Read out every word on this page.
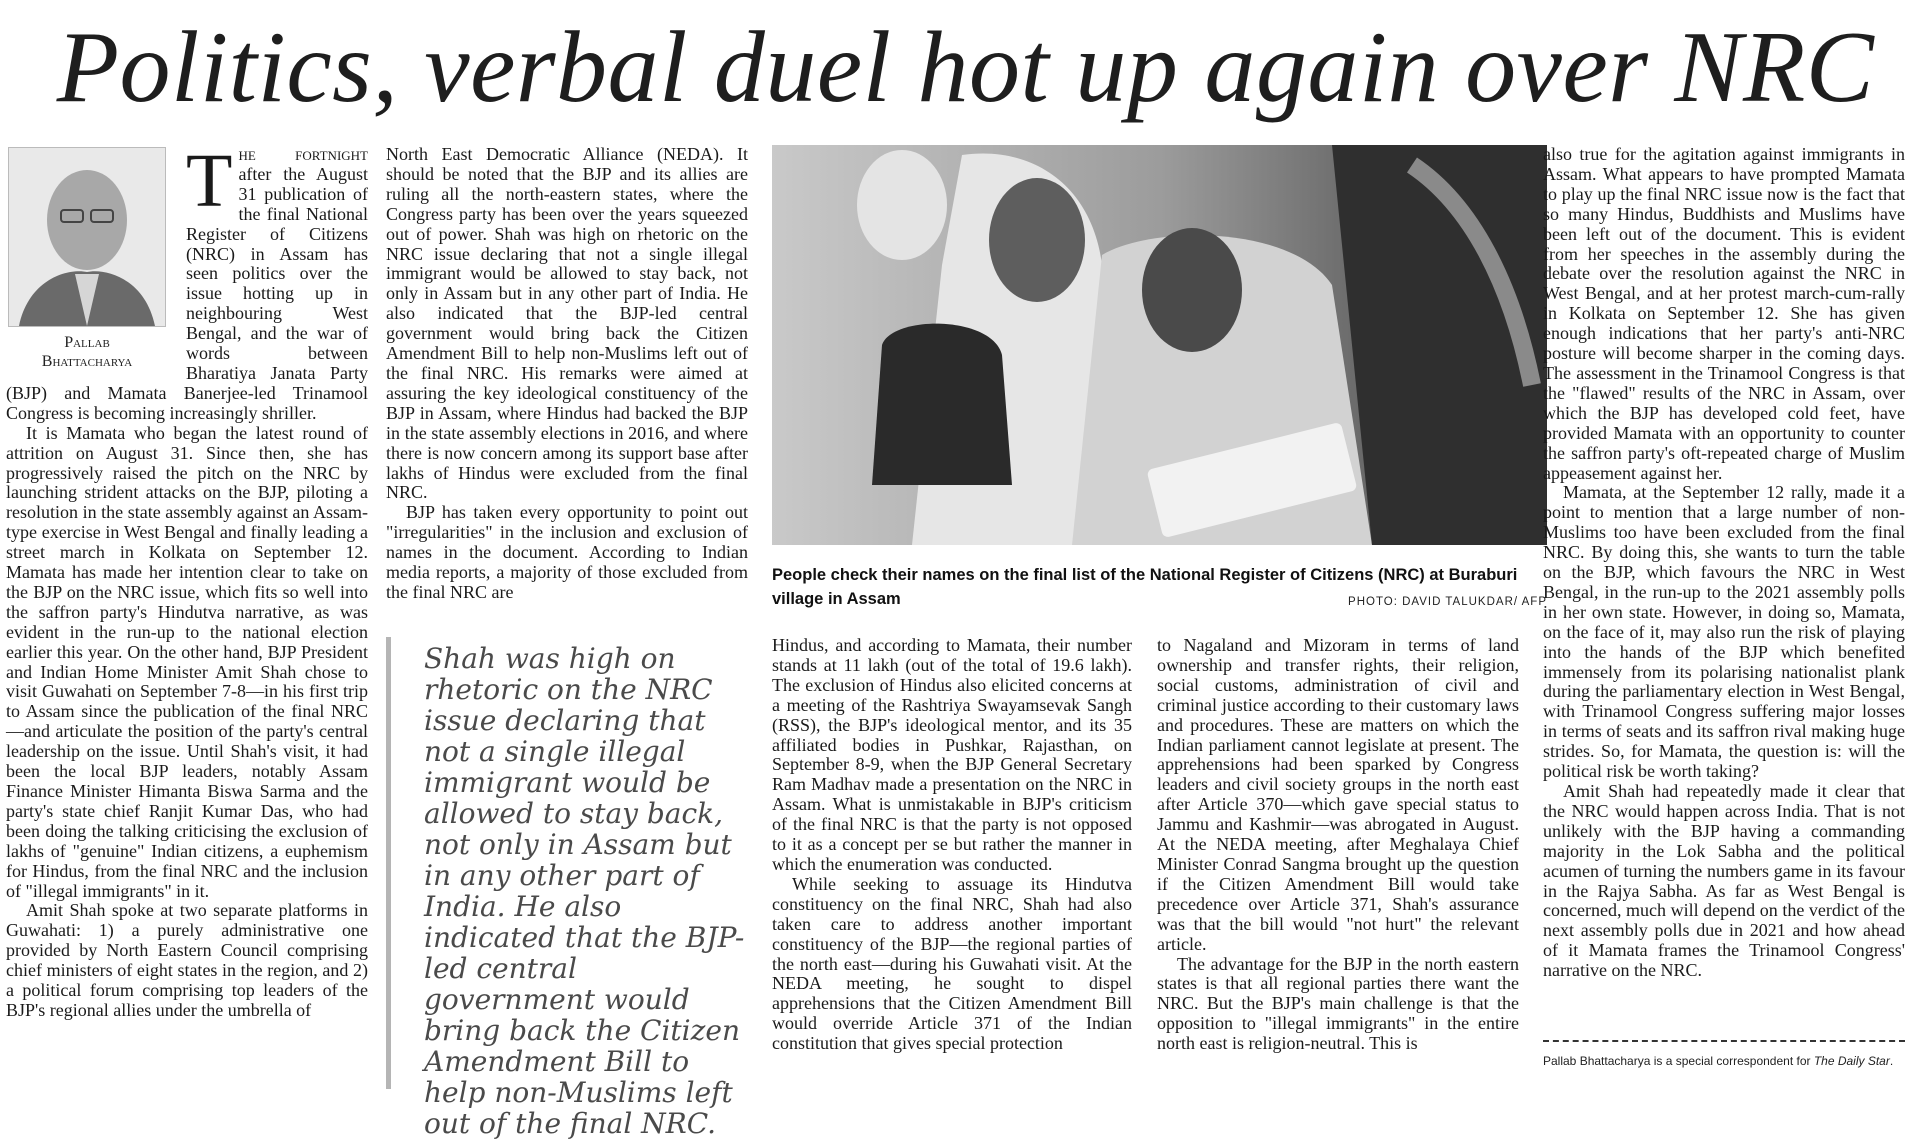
Politics, verbal duel hot up again over NRC
Pallab
Bhattacharya

The fortnight after the August 31 publication of the final National Register of Citizens (NRC) in Assam has seen politics over the issue hotting up in neighbouring West Bengal, and the war of words between Bharatiya Janata Party (BJP) and Mamata Banerjee-led Trinamool Congress is becoming increasingly shriller.

It is Mamata who began the latest round of attrition on August 31. Since then, she has progressively raised the pitch on the NRC by launching strident attacks on the BJP, piloting a resolution in the state assembly against an Assam-type exercise in West Bengal and finally leading a street march in Kolkata on September 12. Mamata has made her intention clear to take on the BJP on the NRC issue, which fits so well into the saffron party's Hindutva narrative, as was evident in the run-up to the national election earlier this year. On the other hand, BJP President and Indian Home Minister Amit Shah chose to visit Guwahati on September 7-8—in his first trip to Assam since the publication of the final NRC—and articulate the position of the party's central leadership on the issue. Until Shah's visit, it had been the local BJP leaders, notably Assam Finance Minister Himanta Biswa Sarma and the party's state chief Ranjit Kumar Das, who had been doing the talking criticising the exclusion of lakhs of "genuine" Indian citizens, a euphemism for Hindus, from the final NRC and the inclusion of "illegal immigrants" in it.

Amit Shah spoke at two separate platforms in Guwahati: 1) a purely administrative one provided by North Eastern Council comprising chief ministers of eight states in the region, and 2) a political forum comprising top leaders of the BJP's regional allies under the umbrella of

North East Democratic Alliance (NEDA). It should be noted that the BJP and its allies are ruling all the north-eastern states, where the Congress party has been over the years squeezed out of power. Shah was high on rhetoric on the NRC issue declaring that not a single illegal immigrant would be allowed to stay back, not only in Assam but in any other part of India. He also indicated that the BJP-led central government would bring back the Citizen Amendment Bill to help non-Muslims left out of the final NRC. His remarks were aimed at assuring the key ideological constituency of the BJP in Assam, where Hindus had backed the BJP in the state assembly elections in 2016, and where there is now concern among its support base after lakhs of Hindus were excluded from the final NRC.

BJP has taken every opportunity to point out "irregularities" in the inclusion and exclusion of names in the document. According to Indian media reports, a majority of those excluded from the final NRC are

People check their names on the final list of the National Register of Citizens (NRC) at Buraburi village in Assam	PHOTO: DAVID TALUKDAR/ AFP
Shah was high on rhetoric on the NRC issue declaring that not a single illegal immigrant would be allowed to stay back, not only in Assam but in any other part of India. He also indicated that the BJP-led central government would bring back the Citizen Amendment Bill to help non-Muslims left out of the final NRC.

Hindus, and according to Mamata, their number stands at 11 lakh (out of the total of 19.6 lakh). The exclusion of Hindus also elicited concerns at a meeting of the Rashtriya Swayamsevak Sangh (RSS), the BJP's ideological mentor, and its 35 affiliated bodies in Pushkar, Rajasthan, on September 8-9, when the BJP General Secretary Ram Madhav made a presentation on the NRC in Assam. What is unmistakable in BJP's criticism of the final NRC is that the party is not opposed to it as a concept per se but rather the manner in which the enumeration was conducted.

While seeking to assuage its Hindutva constituency on the final NRC, Shah had also taken care to address another important constituency of the BJP—the regional parties of the north east—during his Guwahati visit. At the NEDA meeting, he sought to dispel apprehensions that the Citizen Amendment Bill would override Article 371 of the Indian constitution that gives special protection

to Nagaland and Mizoram in terms of land ownership and transfer rights, their religion, social customs, administration of civil and criminal justice according to their customary laws and procedures. These are matters on which the Indian parliament cannot legislate at present. The apprehensions had been sparked by Congress leaders and civil society groups in the north east after Article 370—which gave special status to Jammu and Kashmir—was abrogated in August. At the NEDA meeting, after Meghalaya Chief Minister Conrad Sangma brought up the question if the Citizen Amendment Bill would take precedence over Article 371, Shah's assurance was that the bill would "not hurt" the relevant article.

The advantage for the BJP in the north eastern states is that all regional parties there want the NRC. But the BJP's main challenge is that the opposition to "illegal immigrants" in the entire north east is religion-neutral. This is

also true for the agitation against immigrants in Assam. What appears to have prompted Mamata to play up the final NRC issue now is the fact that so many Hindus, Buddhists and Muslims have been left out of the document. This is evident from her speeches in the assembly during the debate over the resolution against the NRC in West Bengal, and at her protest march-cum-rally in Kolkata on September 12. She has given enough indications that her party's anti-NRC posture will become sharper in the coming days. The assessment in the Trinamool Congress is that the "flawed" results of the NRC in Assam, over which the BJP has developed cold feet, have provided Mamata with an opportunity to counter the saffron party's oft-repeated charge of Muslim appeasement against her.

Mamata, at the September 12 rally, made it a point to mention that a large number of non-Muslims too have been excluded from the final NRC. By doing this, she wants to turn the table on the BJP, which favours the NRC in West Bengal, in the run-up to the 2021 assembly polls in her own state. However, in doing so, Mamata, on the face of it, may also run the risk of playing into the hands of the BJP which benefited immensely from its polarising nationalist plank during the parliamentary election in West Bengal, with Trinamool Congress suffering major losses in terms of seats and its saffron rival making huge strides. So, for Mamata, the question is: will the political risk be worth taking?

Amit Shah had repeatedly made it clear that the NRC would happen across India. That is not unlikely with the BJP having a commanding majority in the Lok Sabha and the political acumen of turning the numbers game in its favour in the Rajya Sabha. As far as West Bengal is concerned, much will depend on the verdict of the next assembly polls due in 2021 and how ahead of it Mamata frames the Trinamool Congress' narrative on the NRC.

Pallab Bhattacharya is a special correspondent for The Daily Star.
